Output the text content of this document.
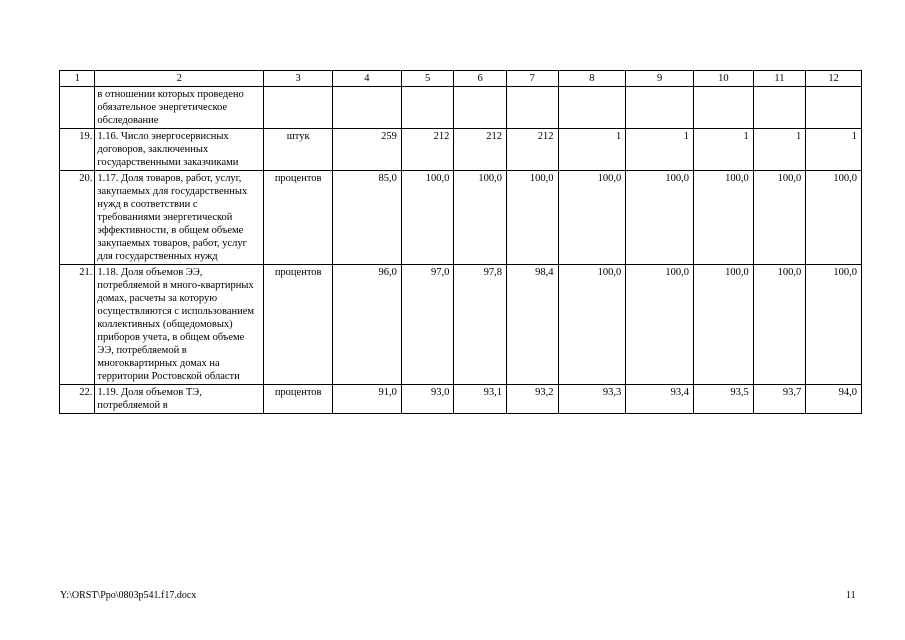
1	2	3	4	5	6	7	8	9	10	11	12
	в отношении которых проведено обязательное энергетическое обследование										
19.	1.16. Число энергосервисных договоров, заключенных государственными заказчиками	штук	259	212	212	212	1	1	1	1	1
20.	1.17. Доля товаров, работ, услуг, закупаемых для государственных нужд в соответствии с требованиями энергетической эффективности, в общем объеме закупаемых товаров, работ, услуг для государственных нужд	процентов	85,0	100,0	100,0	100,0	100,0	100,0	100,0	100,0	100,0
21.	1.18. Доля объемов ЭЭ, потребляемой в много-квартирных домах, расчеты за которую осуществляются с использованием коллективных (общедомовых) приборов учета, в общем объеме ЭЭ, потребляемой в многоквартирных домах на территории Ростовской области	процентов	96,0	97,0	97,8	98,4	100,0	100,0	100,0	100,0	100,0
22.	1.19. Доля объемов ТЭ, потребляемой в	процентов	91,0	93,0	93,1	93,2	93,3	93,4	93,5	93,7	94,0
Y:\ORST\Ppo\0803p541.f17.docx	11
